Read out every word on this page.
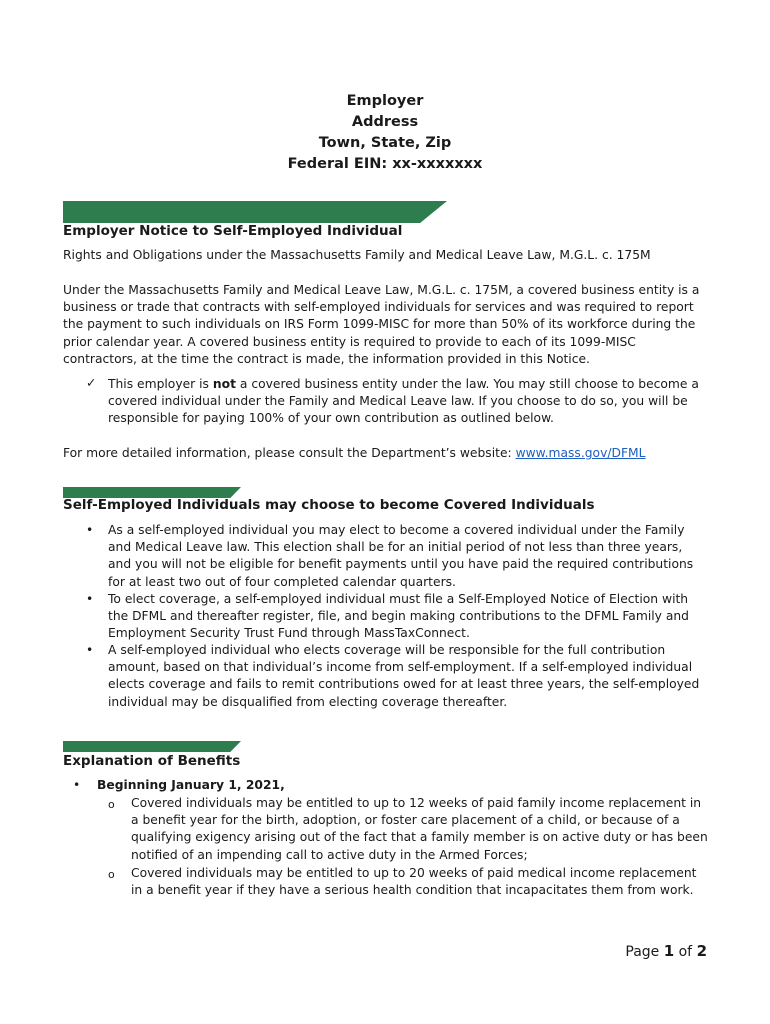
Employer
Address
Town, State, Zip
Federal EIN: xx-xxxxxxx
Employer Notice to Self-Employed Individual
Rights and Obligations under the Massachusetts Family and Medical Leave Law, M.G.L. c. 175M
Under the Massachusetts Family and Medical Leave Law, M.G.L. c. 175M, a covered business entity is a business or trade that contracts with self-employed individuals for services and was required to report the payment to such individuals on IRS Form 1099-MISC for more than 50% of its workforce during the prior calendar year. A covered business entity is required to provide to each of its 1099-MISC contractors, at the time the contract is made, the information provided in this Notice.
✓ This employer is not a covered business entity under the law. You may still choose to become a covered individual under the Family and Medical Leave law. If you choose to do so, you will be responsible for paying 100% of your own contribution as outlined below.
For more detailed information, please consult the Department’s website: www.mass.gov/DFML
Self-Employed Individuals may choose to become Covered Individuals
• As a self-employed individual you may elect to become a covered individual under the Family and Medical Leave law. This election shall be for an initial period of not less than three years, and you will not be eligible for benefit payments until you have paid the required contributions for at least two out of four completed calendar quarters.
• To elect coverage, a self-employed individual must file a Self-Employed Notice of Election with the DFML and thereafter register, file, and begin making contributions to the DFML Family and Employment Security Trust Fund through MassTaxConnect.
• A self-employed individual who elects coverage will be responsible for the full contribution amount, based on that individual’s income from self-employment. If a self-employed individual elects coverage and fails to remit contributions owed for at least three years, the self-employed individual may be disqualified from electing coverage thereafter.
Explanation of Benefits
• Beginning January 1, 2021,
o Covered individuals may be entitled to up to 12 weeks of paid family income replacement in a benefit year for the birth, adoption, or foster care placement of a child, or because of a qualifying exigency arising out of the fact that a family member is on active duty or has been notified of an impending call to active duty in the Armed Forces;
o Covered individuals may be entitled to up to 20 weeks of paid medical income replacement in a benefit year if they have a serious health condition that incapacitates them from work.
Page 1 of 2
